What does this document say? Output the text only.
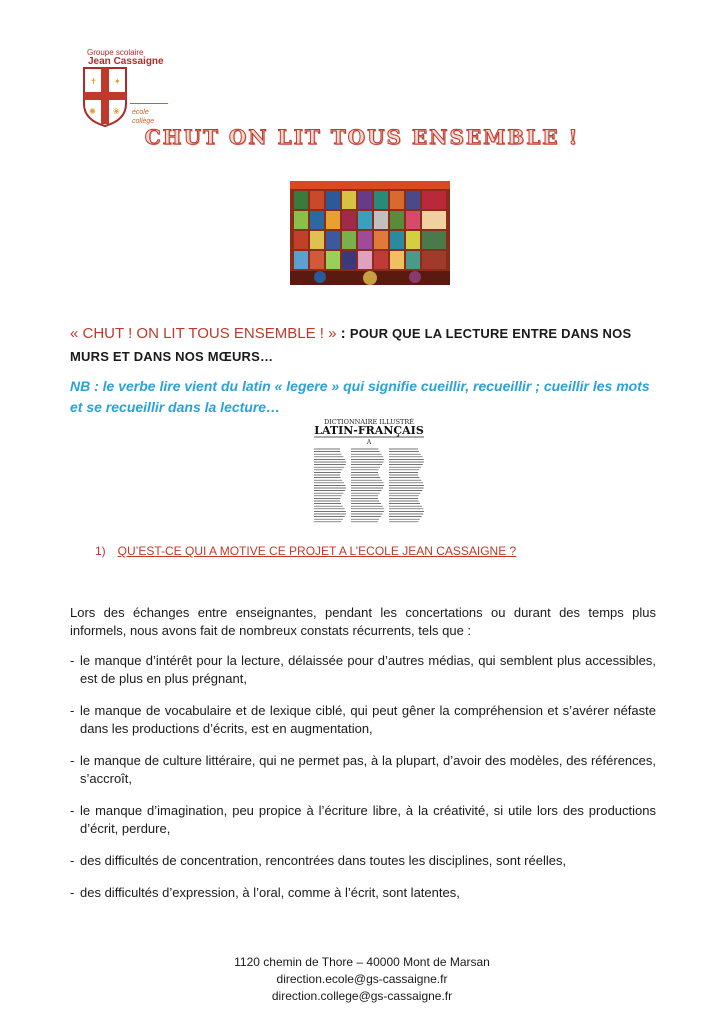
Groupe scolaire
Jean Cassaigne
✝ ✦
✺ ❀ école
collège
CHUT ON LIT TOUS ENSEMBLE !
« CHUT ! ON LIT TOUS ENSEMBLE ! » : POUR QUE LA LECTURE ENTRE DANS NOS MURS ET DANS NOS MŒURS…
NB : le verbe lire vient du latin « legere » qui signifie cueillir, recueillir ; cueillir les mots et se recueillir dans la lecture…
DICTIONNAIRE ILLUSTRÉ
LATIN-FRANÇAIS
A
1) QU’EST-CE QUI A MOTIVE CE PROJET A L’ECOLE JEAN CASSAIGNE ?

Lors des échanges entre enseignantes, pendant les concertations ou durant des temps plus informels, nous avons fait de nombreux constats récurrents, tels que :

- le manque d’intérêt pour la lecture, délaissée pour d’autres médias, qui semblent plus accessibles, est de plus en plus prégnant,
- le manque de vocabulaire et de lexique ciblé, qui peut gêner la compréhension et s’avérer néfaste dans les productions d’écrits, est en augmentation,
- le manque de culture littéraire, qui ne permet pas, à la plupart, d’avoir des modèles, des références, s’accroît,
- le manque d’imagination, peu propice à l’écriture libre, à la créativité, si utile lors des productions d’écrit, perdure,
- des difficultés de concentration, rencontrées dans toutes les disciplines, sont réelles,
- des difficultés d’expression, à l’oral, comme à l’écrit, sont latentes,
1120 chemin de Thore – 40000 Mont de Marsan
direction.ecole@gs-cassaigne.fr
direction.college@gs-cassaigne.fr
